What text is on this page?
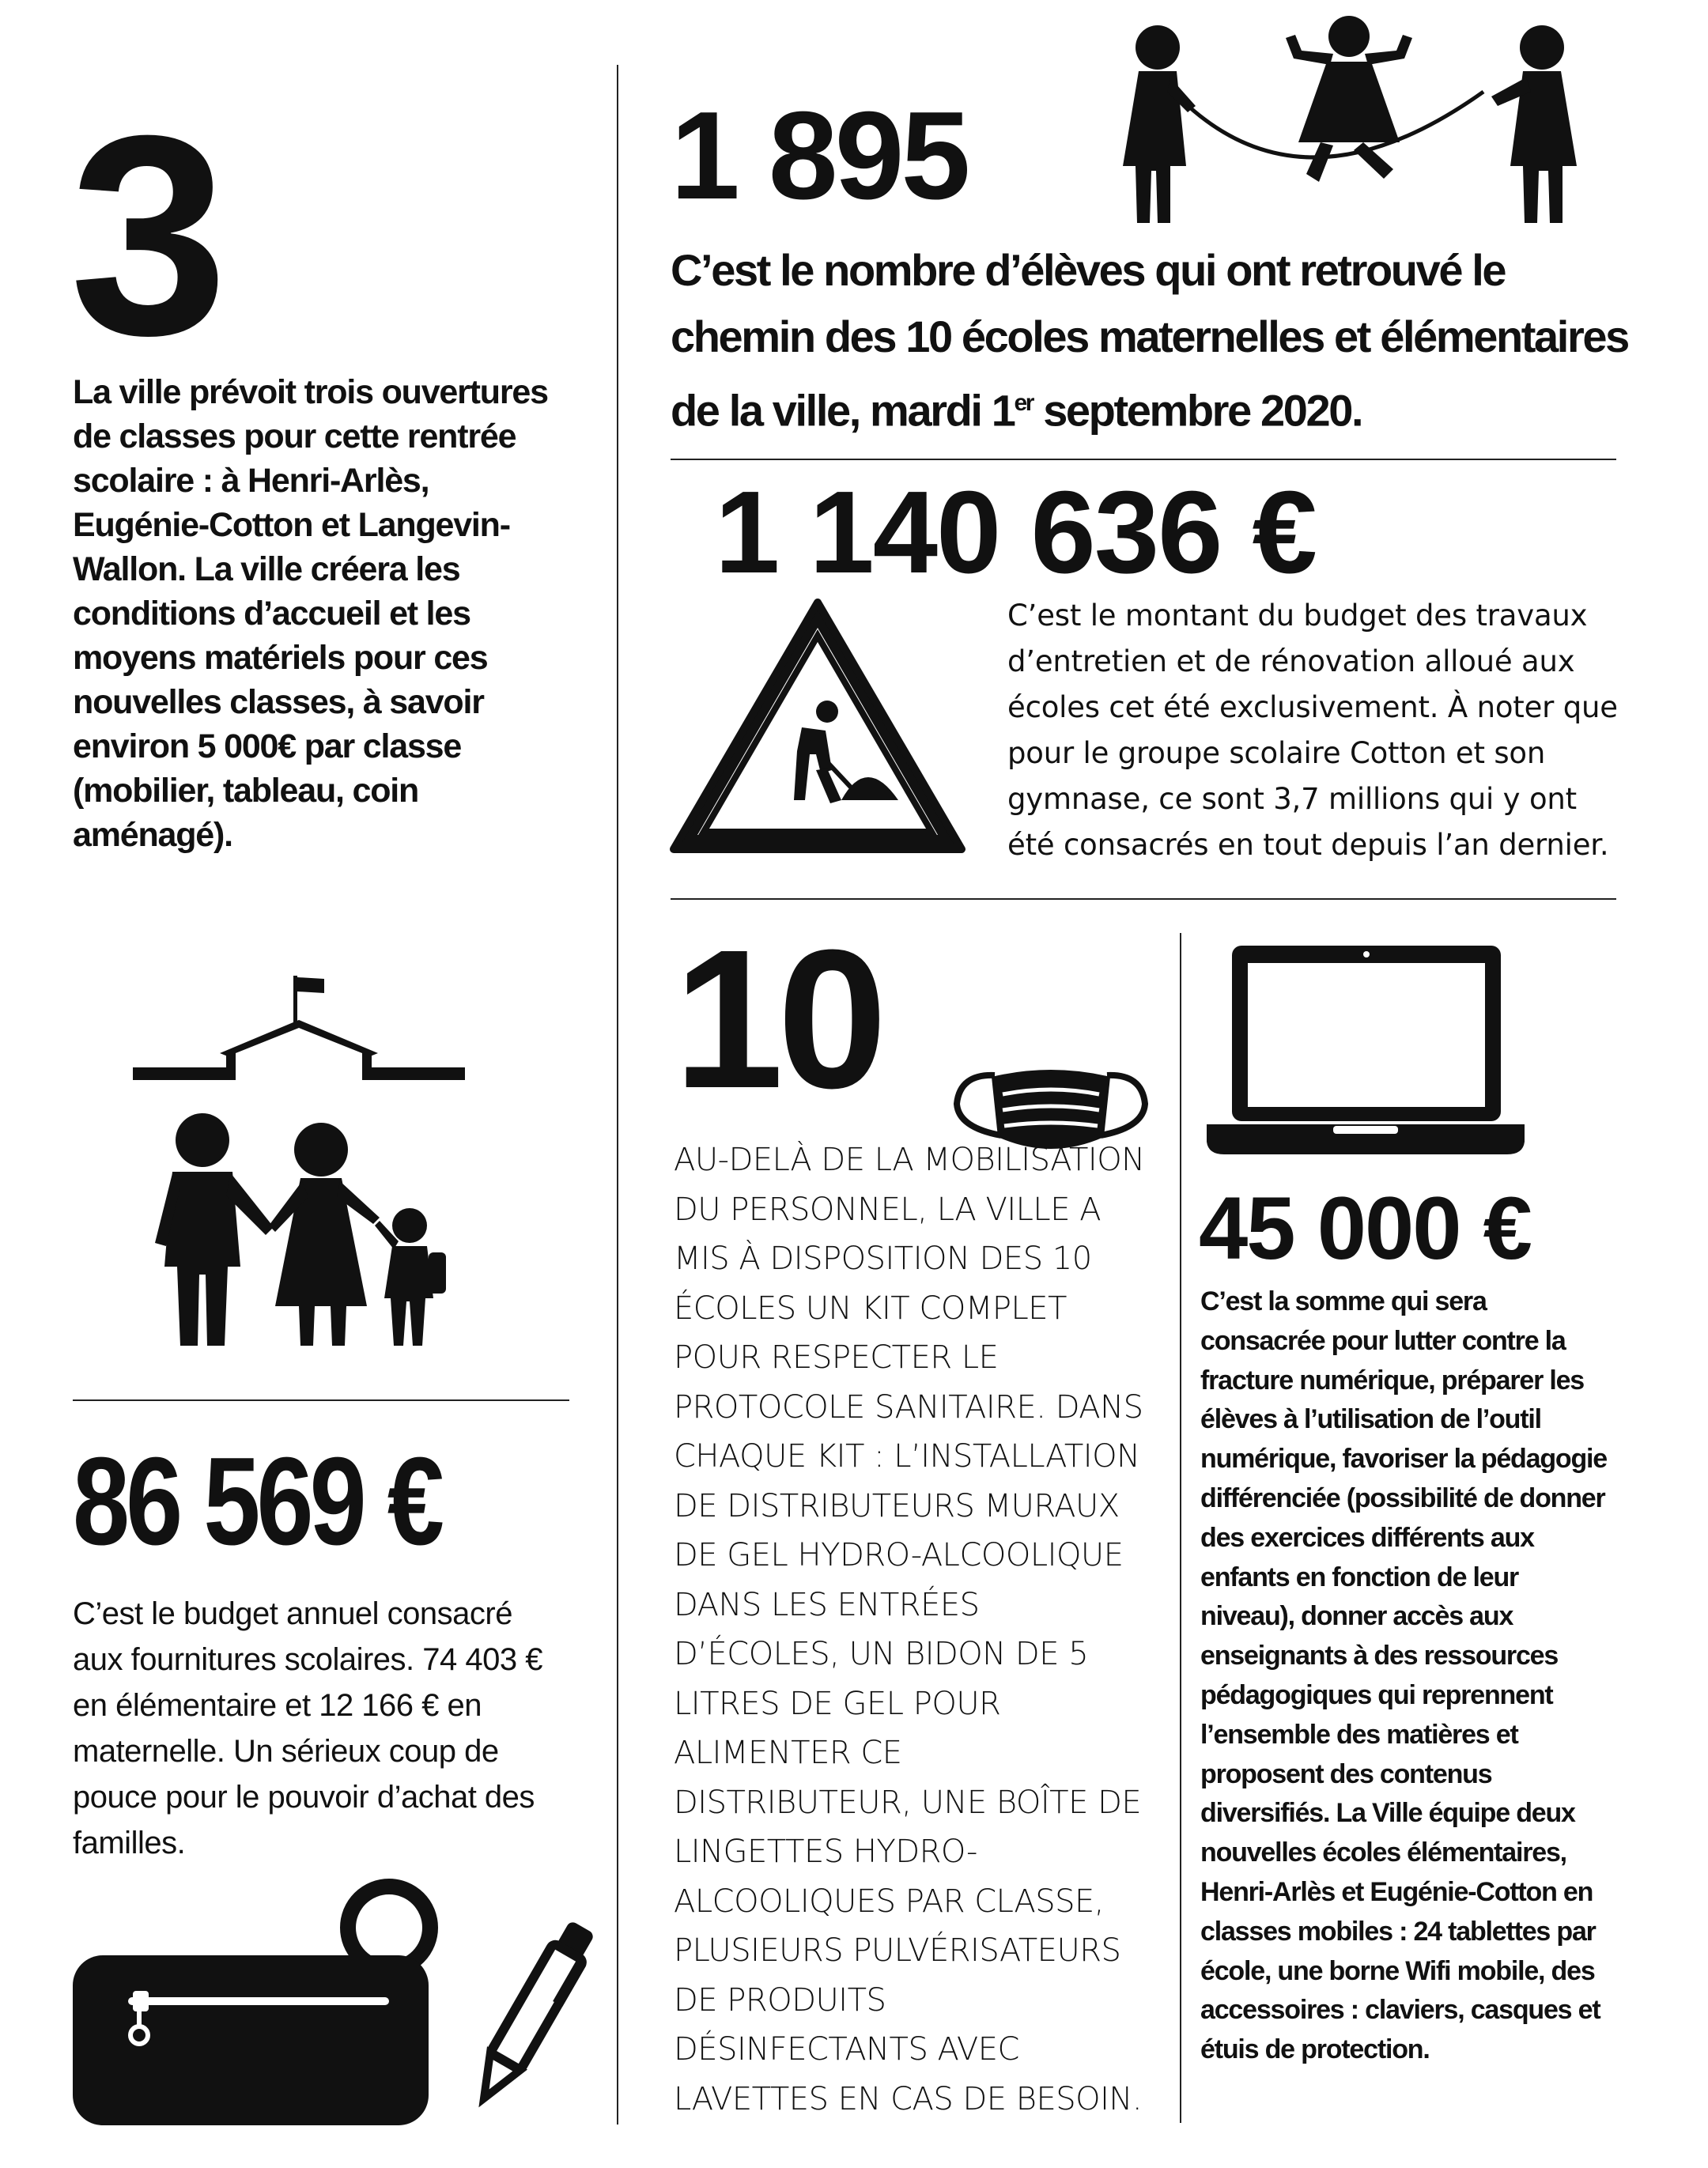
3
La ville prévoit trois ouvertures de classes pour cette rentrée scolaire : à Henri-Arlès, Eugénie-Cotton et Langevin-Wallon. La ville créera les conditions d’accueil et les moyens matériels pour ces nouvelles classes, à savoir environ 5 000€ par classe (mobilier, tableau, coin aménagé).
86 569 €
C’est le budget annuel consacré aux fournitures scolaires. 74 403 € en élémentaire et 12 166 € en maternelle. Un sérieux coup de pouce pour le pouvoir d’achat des familles.
1 895
C’est le nombre d’élèves qui ont retrouvé le chemin des 10 écoles maternelles et élémentaires de la ville, mardi 1er septembre 2020.
1 140 636 €
C’est le montant du budget des travaux d’entretien et de rénovation alloué aux écoles cet été exclusivement. À noter que pour le groupe scolaire Cotton et son gymnase, ce sont 3,7 millions qui y ont été consacrés en tout depuis l’an dernier.
10
AU-DELÀ DE LA MOBILISATION DU PERSONNEL, LA VILLE A MIS À DISPOSITION DES 10 ÉCOLES UN KIT COMPLET POUR RESPECTER LE PROTOCOLE SANITAIRE. DANS CHAQUE KIT : L’INSTALLATION DE DISTRIBUTEURS MURAUX DE GEL HYDRO-ALCOOLIQUE DANS LES ENTRÉES D’ÉCOLES, UN BIDON DE 5 LITRES DE GEL POUR ALIMENTER CE DISTRIBUTEUR, UNE BOÎTE DE LINGETTES HYDRO-ALCOOLIQUES PAR CLASSE, PLUSIEURS PULVÉRISATEURS DE PRODUITS DÉSINFECTANTS AVEC LAVETTES EN CAS DE BESOIN.
45 000 €
C’est la somme qui sera consacrée pour lutter contre la fracture numérique, préparer les élèves à l’utilisation de l’outil numérique, favoriser la pédagogie différenciée (possibilité de donner des exercices différents aux enfants en fonction de leur niveau), donner accès aux enseignants à des ressources pédagogiques qui reprennent l’ensemble des matières et proposent des contenus diversifiés. La Ville équipe deux nouvelles écoles élémentaires, Henri-Arlès et Eugénie-Cotton en classes mobiles : 24 tablettes par école, une borne Wifi mobile, des accessoires : claviers, casques et étuis de protection.
